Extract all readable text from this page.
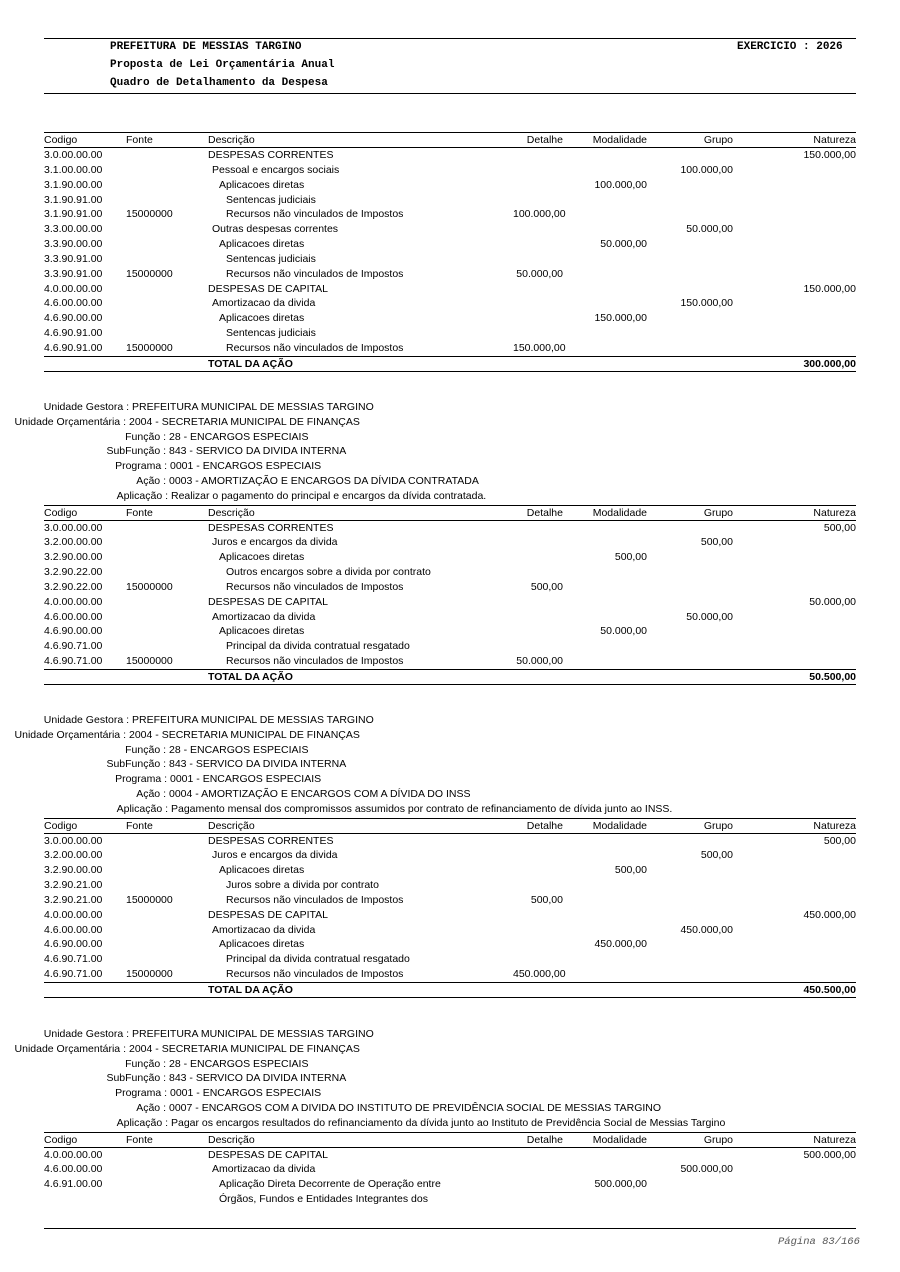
PREFEITURA DE MESSIAS TARGINO	EXERCICIO : 2026
Proposta de Lei Orçamentária Anual
Quadro de Detalhamento da Despesa
Codigo	Fonte	Descrição	Detalhe	Modalidade	Grupo	Natureza
3.0.00.00.00		DESPESAS CORRENTES				150.000,00
3.1.00.00.00		Pessoal e encargos sociais			100.000,00	
3.1.90.00.00		Aplicacoes diretas		100.000,00		
3.1.90.91.00		Sentencas judiciais				
3.1.90.91.00	15000000	Recursos não vinculados de Impostos	100.000,00			
3.3.00.00.00		Outras despesas correntes			50.000,00	
3.3.90.00.00		Aplicacoes diretas		50.000,00		
3.3.90.91.00		Sentencas judiciais				
3.3.90.91.00	15000000	Recursos não vinculados de Impostos	50.000,00			
4.0.00.00.00		DESPESAS DE CAPITAL				150.000,00
4.6.00.00.00		Amortizacao da divida			150.000,00	
4.6.90.00.00		Aplicacoes diretas		150.000,00		
4.6.90.91.00		Sentencas judiciais				
4.6.90.91.00	15000000	Recursos não vinculados de Impostos	150.000,00			
		TOTAL DA AÇÃO				300.000,00
Unidade Gestora : PREFEITURA MUNICIPAL DE MESSIAS TARGINO
Unidade Orçamentária : 2004 - SECRETARIA MUNICIPAL DE FINANÇAS
Função : 28 - ENCARGOS ESPECIAIS
SubFunção : 843 - SERVICO DA DIVIDA INTERNA
Programa : 0001 - ENCARGOS ESPECIAIS
Ação : 0003 - AMORTIZAÇÃO E ENCARGOS DA DÍVIDA CONTRATADA
Aplicação : Realizar o pagamento do principal e encargos da dívida contratada.
Codigo	Fonte	Descrição	Detalhe	Modalidade	Grupo	Natureza
3.0.00.00.00		DESPESAS CORRENTES				500,00
3.2.00.00.00		Juros e encargos da divida			500,00	
3.2.90.00.00		Aplicacoes diretas		500,00		
3.2.90.22.00		Outros encargos sobre a divida por contrato				
3.2.90.22.00	15000000	Recursos não vinculados de Impostos	500,00			
4.0.00.00.00		DESPESAS DE CAPITAL				50.000,00
4.6.00.00.00		Amortizacao da divida			50.000,00	
4.6.90.00.00		Aplicacoes diretas		50.000,00		
4.6.90.71.00		Principal da divida contratual resgatado				
4.6.90.71.00	15000000	Recursos não vinculados de Impostos	50.000,00			
		TOTAL DA AÇÃO				50.500,00
Unidade Gestora : PREFEITURA MUNICIPAL DE MESSIAS TARGINO
Unidade Orçamentária : 2004 - SECRETARIA MUNICIPAL DE FINANÇAS
Função : 28 - ENCARGOS ESPECIAIS
SubFunção : 843 - SERVICO DA DIVIDA INTERNA
Programa : 0001 - ENCARGOS ESPECIAIS
Ação : 0004 - AMORTIZAÇÃO E ENCARGOS COM A DÍVIDA DO INSS
Aplicação : Pagamento mensal dos compromissos assumidos por contrato de refinanciamento de dívida junto ao INSS.
Codigo	Fonte	Descrição	Detalhe	Modalidade	Grupo	Natureza
3.0.00.00.00		DESPESAS CORRENTES				500,00
3.2.00.00.00		Juros e encargos da divida			500,00	
3.2.90.00.00		Aplicacoes diretas		500,00		
3.2.90.21.00		Juros sobre a divida por contrato				
3.2.90.21.00	15000000	Recursos não vinculados de Impostos	500,00			
4.0.00.00.00		DESPESAS DE CAPITAL				450.000,00
4.6.00.00.00		Amortizacao da divida			450.000,00	
4.6.90.00.00		Aplicacoes diretas		450.000,00		
4.6.90.71.00		Principal da divida contratual resgatado				
4.6.90.71.00	15000000	Recursos não vinculados de Impostos	450.000,00			
		TOTAL DA AÇÃO				450.500,00
Unidade Gestora : PREFEITURA MUNICIPAL DE MESSIAS TARGINO
Unidade Orçamentária : 2004 - SECRETARIA MUNICIPAL DE FINANÇAS
Função : 28 - ENCARGOS ESPECIAIS
SubFunção : 843 - SERVICO DA DIVIDA INTERNA
Programa : 0001 - ENCARGOS ESPECIAIS
Ação : 0007 - ENCARGOS COM A DIVIDA DO INSTITUTO DE PREVIDÊNCIA SOCIAL DE MESSIAS TARGINO
Aplicação : Pagar os encargos resultados do refinanciamento da dívida junto ao Instituto de Previdência Social de Messias Targino
Codigo	Fonte	Descrição	Detalhe	Modalidade	Grupo	Natureza
4.0.00.00.00		DESPESAS DE CAPITAL				500.000,00
4.6.00.00.00		Amortizacao da divida			500.000,00	
4.6.91.00.00		Aplicação Direta Decorrente de Operação entre		500.000,00		
		Órgãos, Fundos e Entidades Integrantes dos				
Página 83/166
